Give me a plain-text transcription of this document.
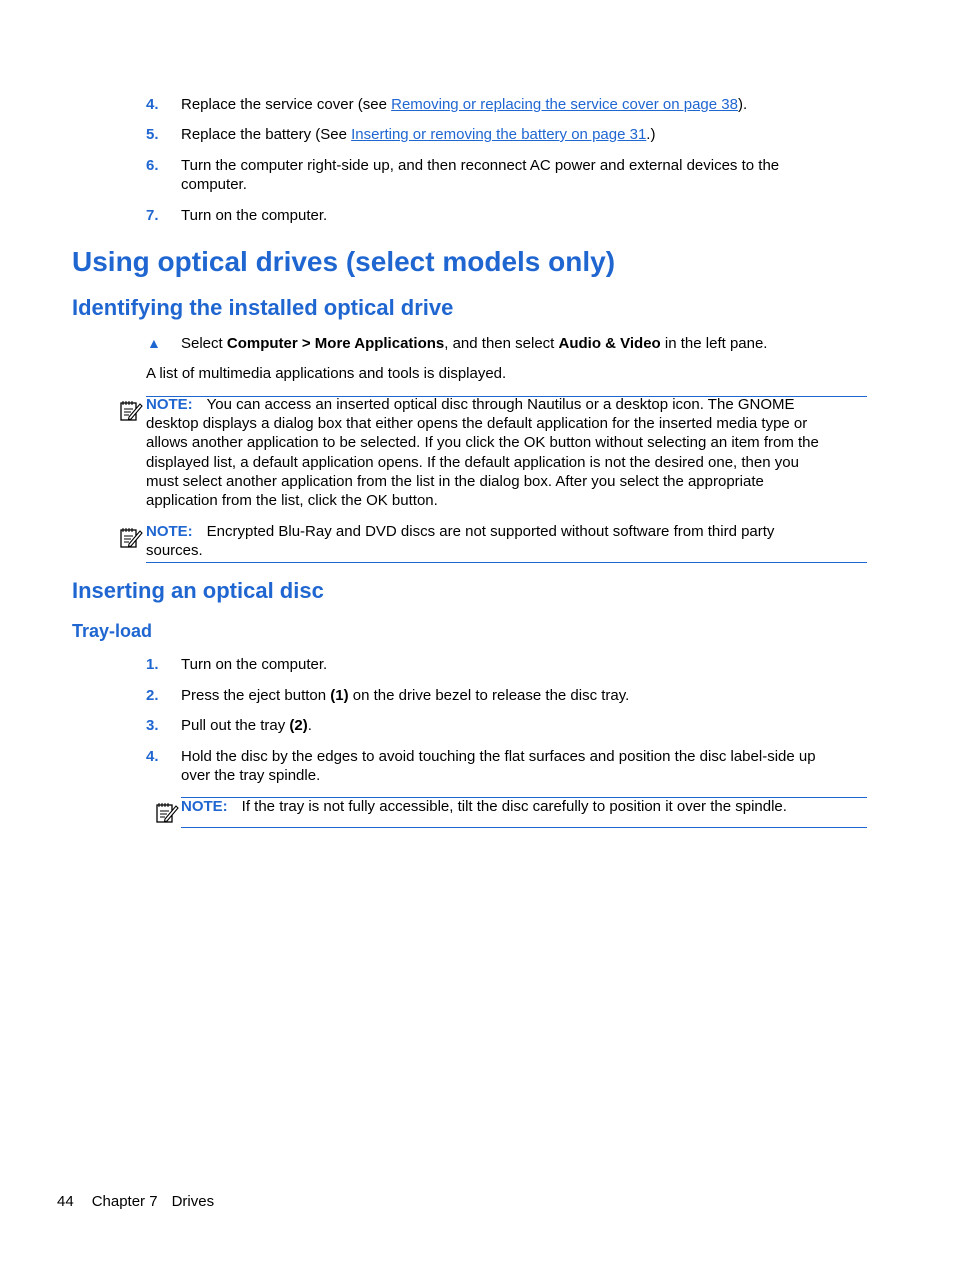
4. Replace the service cover (see Removing or replacing the service cover on page 38).
5. Replace the battery (See Inserting or removing the battery on page 31.)
6. Turn the computer right-side up, and then reconnect AC power and external devices to the
computer.
7. Turn on the computer.
Using optical drives (select models only)
Identifying the installed optical drive
▲ Select Computer > More Applications, and then select Audio & Video in the left pane.
A list of multimedia applications and tools is displayed.
NOTE: You can access an inserted optical disc through Nautilus or a desktop icon. The GNOME
desktop displays a dialog box that either opens the default application for the inserted media type or
allows another application to be selected. If you click the OK button without selecting an item from the
displayed list, a default application opens. If the default application is not the desired one, then you
must select another application from the list in the dialog box. After you select the appropriate
application from the list, click the OK button.
NOTE: Encrypted Blu-Ray and DVD discs are not supported without software from third party
sources.
Inserting an optical disc
Tray-load
1. Turn on the computer.
2. Press the eject button (1) on the drive bezel to release the disc tray.
3. Pull out the tray (2).
4. Hold the disc by the edges to avoid touching the flat surfaces and position the disc label-side up
over the tray spindle.
NOTE: If the tray is not fully accessible, tilt the disc carefully to position it over the spindle.
44 Chapter 7 Drives
